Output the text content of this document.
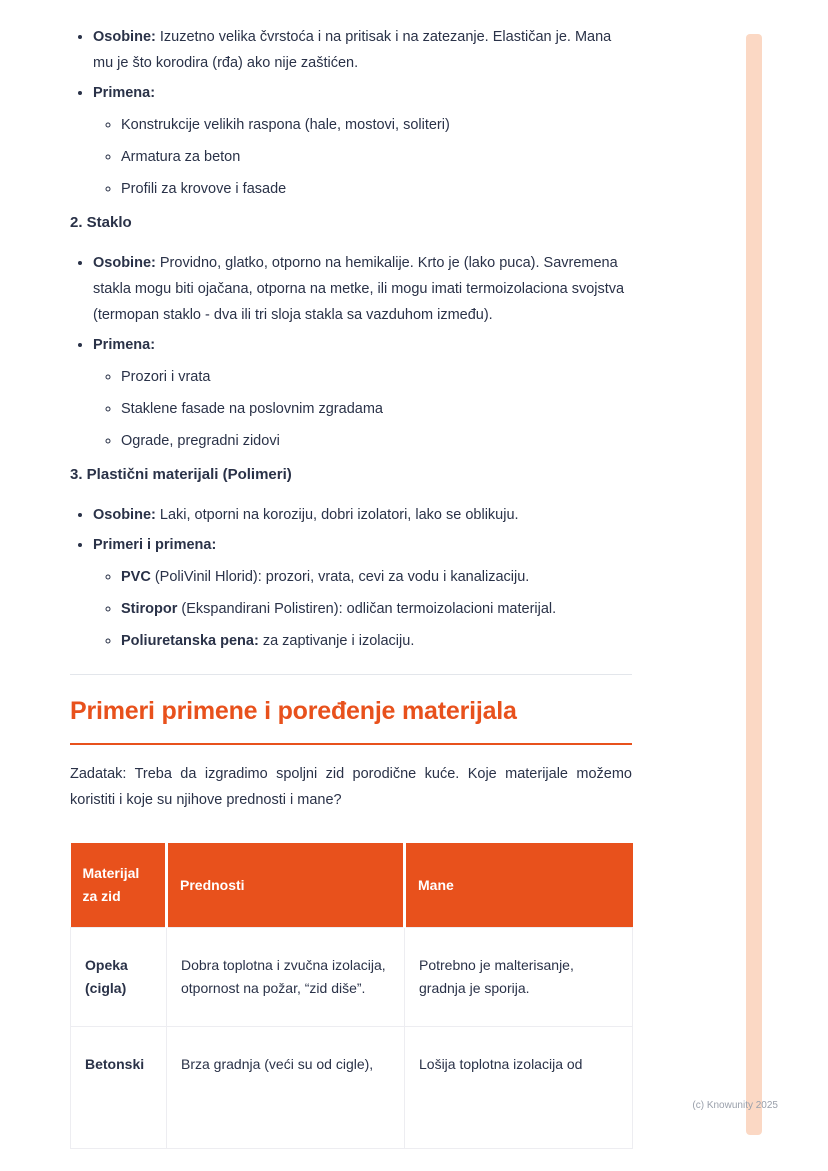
(c) Knowunity 2025
• Osobine: Izuzetno velika čvrstoća i na pritisak i na zatezanje. Elastičan je. Mana mu je što korodira (rđa) ako nije zaštićen.
• Primena:
◦ Konstrukcije velikih raspona (hale, mostovi, soliteri)
◦ Armatura za beton
◦ Profili za krovove i fasade
2. Staklo
• Osobine: Providno, glatko, otporno na hemikalije. Krto je (lako puca). Savremena stakla mogu biti ojačana, otporna na metke, ili mogu imati termoizolaciona svojstva (termopan staklo - dva ili tri sloja stakla sa vazduhom između).
• Primena:
◦ Prozori i vrata
◦ Staklene fasade na poslovnim zgradama
◦ Ograde, pregradni zidovi
3. Plastični materijali (Polimeri)
• Osobine: Laki, otporni na koroziju, dobri izolatori, lako se oblikuju.
• Primeri i primena:
◦ PVC (PoliVinil Hlorid): prozori, vrata, cevi za vodu i kanalizaciju.
◦ Stiropor (Ekspandirani Polistiren): odličan termoizolacioni materijal.
◦ Poliuretanska pena: za zaptivanje i izolaciju.
Primeri primene i poređenje materijala

Zadatak: Treba da izgradimo spoljni zid porodične kuće. Koje materijale možemo koristiti i koje su njihove prednosti i mane?

Materijal za zid	Prednosti	Mane
Opeka (cigla)	Dobra toplotna i zvučna izolacija, otpornost na požar, “zid diše”.	Potrebno je malterisanje, gradnja je sporija.
Betonski	Brza gradnja (veći su od cigle),	Lošija toplotna izolacija od
